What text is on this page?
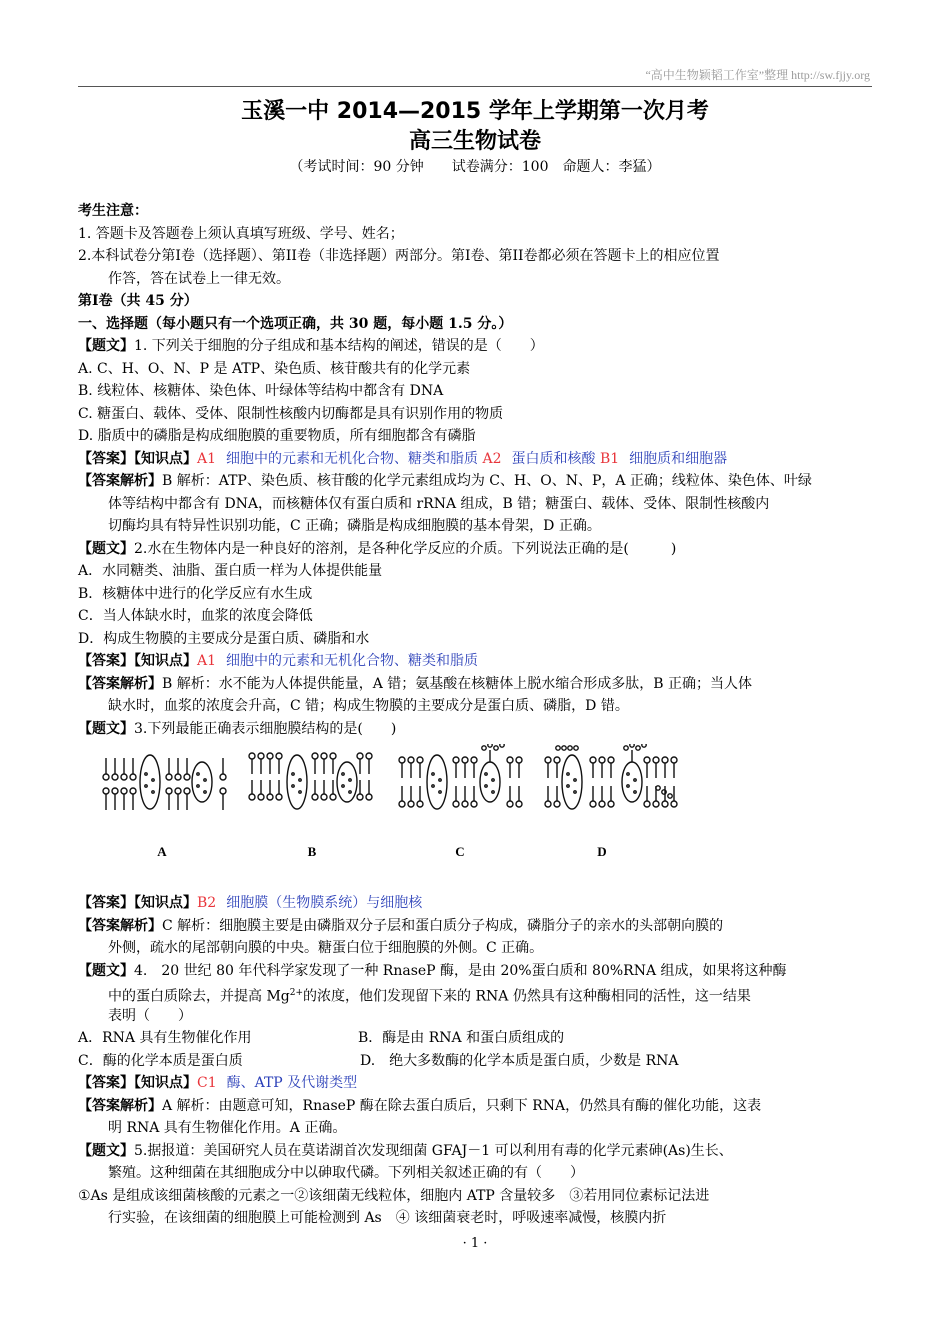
“高中生物颖韬工作室”整理 http://sw.fjjy.org
玉溪一中 2014—2015 学年上学期第一次月考
高三生物试卷
（考试时间：90 分钟　　试卷满分：100　命题人：李猛）
考生注意：
1. 答题卡及答题卷上须认真填写班级、学号、姓名；
2.本科试卷分第I卷（选择题）、第II卷（非选择题）两部分。第I卷、第II卷都必须在答题卡上的相应位置
作答，答在试卷上一律无效。
第I卷（共 45 分）
一、选择题（每小题只有一个选项正确，共 30 题，每小题 1.5 分。）
【题文】1. 下列关于细胞的分子组成和基本结构的阐述，错误的是（　　）
A. C、H、O、N、P 是 ATP、染色质、核苷酸共有的化学元素
B. 线粒体、核糖体、染色体、叶绿体等结构中都含有 DNA
C. 糖蛋白、载体、受体、限制性核酸内切酶都是具有识别作用的物质
D. 脂质中的磷脂是构成细胞膜的重要物质，所有细胞都含有磷脂
【答案】【知识点】A1 细胞中的元素和无机化合物、糖类和脂质 A2 蛋白质和核酸 B1 细胞质和细胞器
【答案解析】B 解析：ATP、染色质、核苷酸的化学元素组成均为 C、H、O、N、P，A 正确；线粒体、染色体、叶绿
体等结构中都含有 DNA，而核糖体仅有蛋白质和 rRNA 组成，B 错；糖蛋白、载体、受体、限制性核酸内
切酶均具有特异性识别功能，C 正确；磷脂是构成细胞膜的基本骨架，D 正确。
【题文】2.水在生物体内是一种良好的溶剂，是各种化学反应的介质。下列说法正确的是(　　　)
A．水同糖类、油脂、蛋白质一样为人体提供能量
B．核糖体中进行的化学反应有水生成
C．当人体缺水时，血浆的浓度会降低
D．构成生物膜的主要成分是蛋白质、磷脂和水
【答案】【知识点】A1 细胞中的元素和无机化合物、糖类和脂质
【答案解析】B 解析：水不能为人体提供能量，A 错；氨基酸在核糖体上脱水缩合形成多肽，B 正确；当人体
缺水时，血浆的浓度会升高，C 错；构成生物膜的主要成分是蛋白质、磷脂，D 错。
【题文】3.下列最能正确表示细胞膜结构的是(　　)
A	B	C	D
【答案】【知识点】B2 细胞膜（生物膜系统）与细胞核
【答案解析】C 解析：细胞膜主要是由磷脂双分子层和蛋白质分子构成，磷脂分子的亲水的头部朝向膜的
外侧，疏水的尾部朝向膜的中央。糖蛋白位于细胞膜的外侧。C 正确。
【题文】4.　20 世纪 80 年代科学家发现了一种 RnaseP 酶，是由 20%蛋白质和 80%RNA 组成，如果将这种酶
中的蛋白质除去，并提高 $Mg^{2+}$的浓度，他们发现留下来的 RNA 仍然具有这种酶相同的活性，这一结果
表明（　　）
A．RNA 具有生物催化作用	B．酶是由 RNA 和蛋白质组成的
C．酶的化学本质是蛋白质	D.　绝大多数酶的化学本质是蛋白质，少数是 RNA
【答案】【知识点】C1 酶、ATP 及代谢类型
【答案解析】A 解析：由题意可知，RnaseP 酶在除去蛋白质后，只剩下 RNA，仍然具有酶的催化功能，这表
明 RNA 具有生物催化作用。A 正确。
【题文】5.据报道：美国研究人员在莫诺湖首次发现细菌 GFAJ－1 可以利用有毒的化学元素砷(As)生长、
繁殖。这种细菌在其细胞成分中以砷取代磷。下列相关叙述正确的有（　　）
①As 是组成该细菌核酸的元素之一②该细菌无线粒体，细胞内 ATP 含量较多　③若用同位素标记法进
行实验，在该细菌的细胞膜上可能检测到 As　④ 该细菌衰老时，呼吸速率减慢，核膜内折
· 1 ·
